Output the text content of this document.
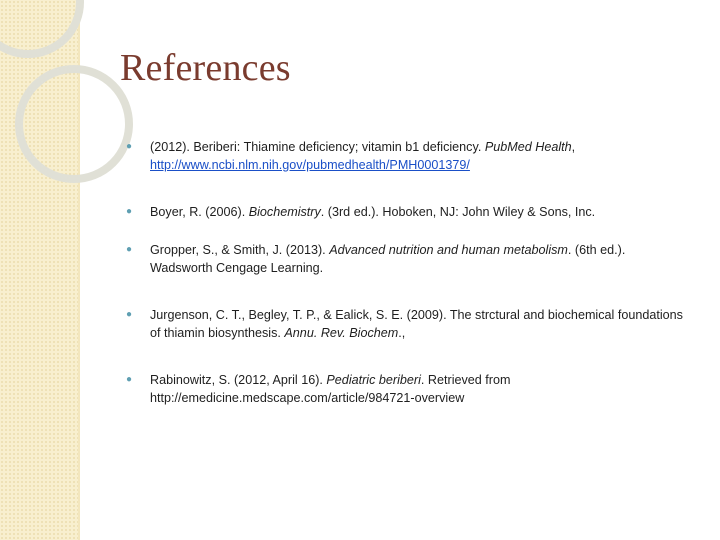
References
● (2012). Beriberi: Thiamine deficiency; vitamin b1 deficiency. PubMed Health, http://www.ncbi.nlm.nih.gov/pubmedhealth/PMH0001379/
● Boyer, R. (2006). Biochemistry. (3rd ed.). Hoboken, NJ: John Wiley & Sons, Inc.
● Gropper, S., & Smith, J. (2013). Advanced nutrition and human metabolism. (6th ed.). Wadsworth Cengage Learning.
● Jurgenson, C. T., Begley, T. P., & Ealick, S. E. (2009). The strctural and biochemical foundations of thiamin biosynthesis. Annu. Rev. Biochem.,
● Rabinowitz, S. (2012, April 16). Pediatric beriberi. Retrieved from http://emedicine.medscape.com/article/984721-overview
